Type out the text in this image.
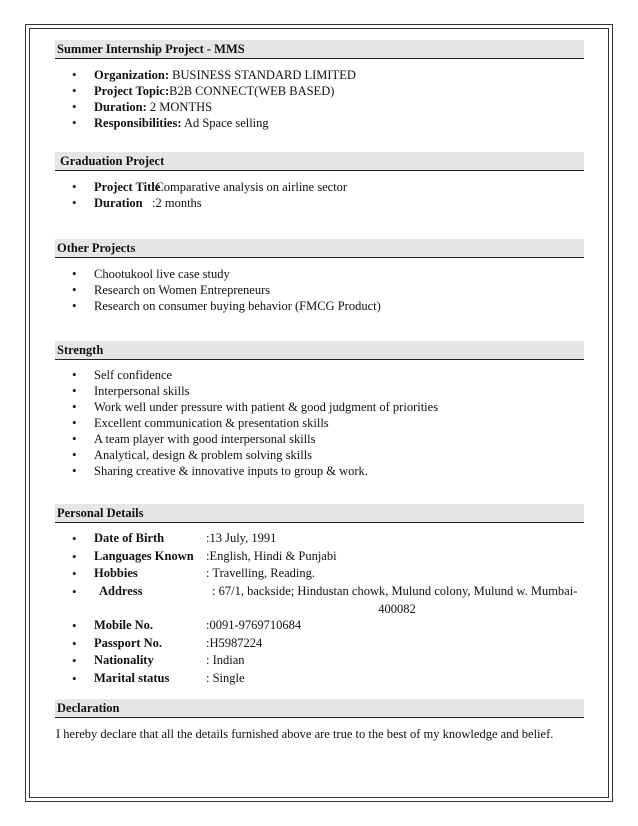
Summer Internship Project - MMS
• Organization: BUSINESS STANDARD LIMITED
• Project Topic:B2B CONNECT(WEB BASED)
• Duration: 2 MONTHS
• Responsibilities: Ad Space selling
Graduation Project
• Project Title:Comparative analysis on airline sector
• Duration :2 months
Other Projects
• Chootukool live case study
• Research on Women Entrepreneurs
• Research on consumer buying behavior (FMCG Product)
Strength
• Self confidence
• Interpersonal skills
• Work well under pressure with patient & good judgment of priorities
• Excellent communication & presentation skills
• A team player with good interpersonal skills
• Analytical, design & problem solving skills
• Sharing creative & innovative inputs to group & work.
Personal Details
• Date of Birth	:13 July, 1991
• Languages Known :English, Hindi & Punjabi
• Hobbies	: Travelling, Reading.
• Address	: 67/1, backside; Hindustan chowk, Mulund colony, Mulund w. Mumbai-
400082
• Mobile No.	:0091-9769710684
• Passport No.	:H5987224
• Nationality	: Indian
• Marital status	: Single
Declaration
I hereby declare that all the details furnished above are true to the best of my knowledge and belief.
